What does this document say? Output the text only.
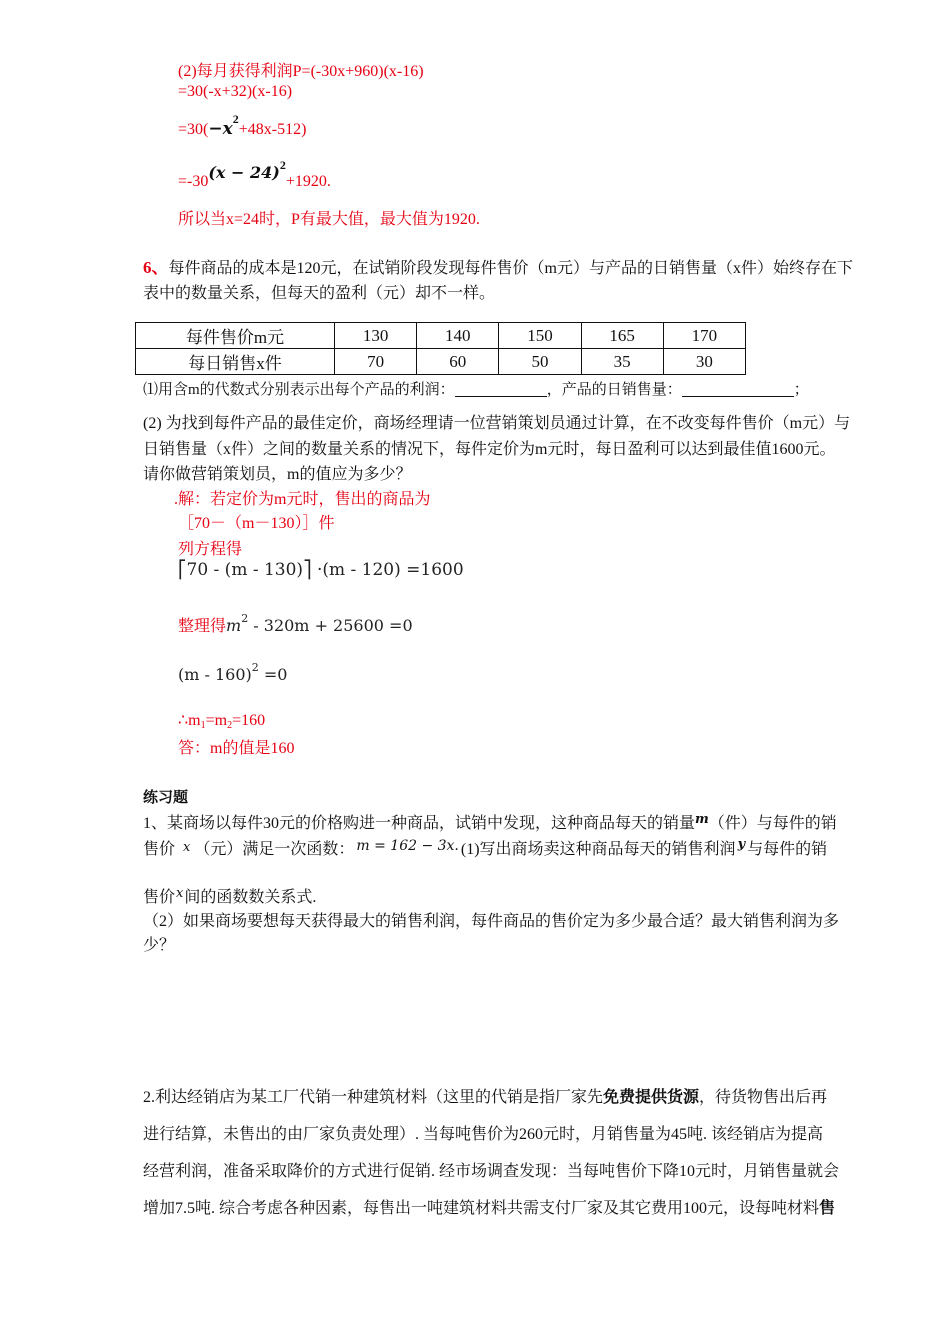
(2)每月获得利润P=(-30x+960)(x-16)
=30(-x+32)(x-16)
$=30(-x^2+48x-512)$
$=-30(x - 24)^2+1920$.
所以当x=24时，P有最大值，最大值为1920.
6、每件商品的成本是120元，在试销阶段发现每件售价（m元）与产品的日销售量（x件）始终存在下
表中的数量关系，但每天的盈利（元）却不一样。
每件售价m元	130	140	150	165	170
每日销售x件	70	60	50	35	30
⑴用含m的代数式分别表示出每个产品的利润：	，产品的日销售量：	；
(2) 为找到每件产品的最佳定价，商场经理请一位营销策划员通过计算，在不改变每件售价（m元）与
日销售量（x件）之间的数量关系的情况下，每件定价为m元时，每日盈利可以达到最佳值1600元。
请你做营销策划员，m的值应为多少？
.解：若定价为m元时，售出的商品为
［70－（m－130）］件
列方程得
⎡70 - (m - 130)⎤ ·(m - 120) =1600
整理得$m^2 - 320m + 25600 =0$
(m - 160)$^2$ =0
$\therefore m_1=m_2=160$
答：m的值是160
练习题
1、某商场以每件30元的价格购进一种商品，试销中发现，这种商品每天的销量$^m$（件）与每件的销
售价 x （元）满足一次函数： m = 162 − 3x. (1)写出商场卖这种商品每天的销售利润 $^y$ 与每件的销
售价$^x$间的函数数关系式.
（2）如果商场要想每天获得最大的销售利润，每件商品的售价定为多少最合适？最大销售利润为多
少？
2.利达经销店为某工厂代销一种建筑材料（这里的代销是指厂家先免费提供货源，待货物售出后再
进行结算，未售出的由厂家负责处理）. 当每吨售价为260元时，月销售量为45吨. 该经销店为提高
经营利润，准备采取降价的方式进行促销. 经市场调查发现：当每吨售价下降10元时，月销售量就会
增加7.5吨. 综合考虑各种因素，每售出一吨建筑材料共需支付厂家及其它费用100元，设每吨材料售
